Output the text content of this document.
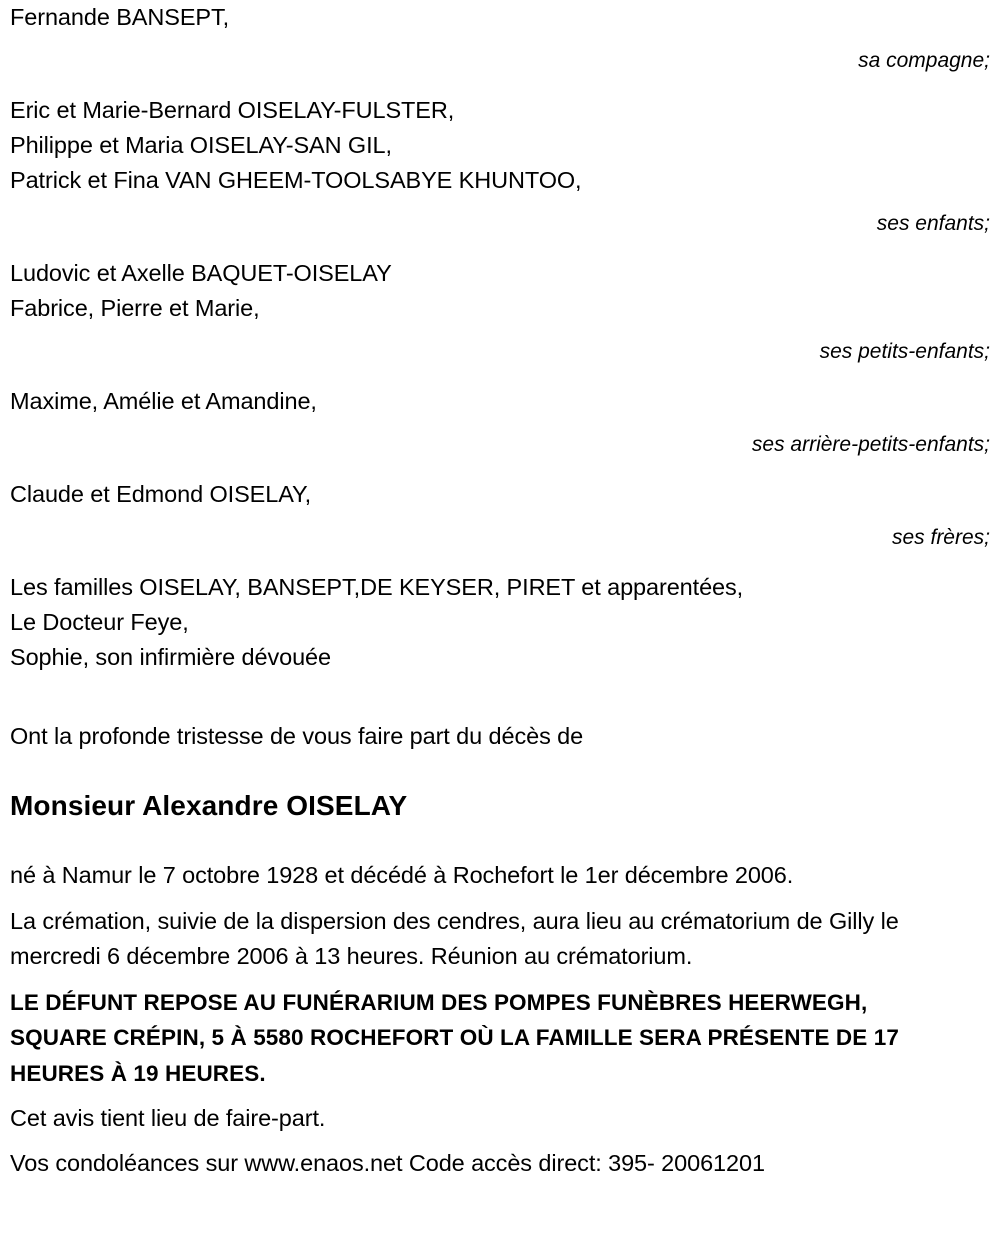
Fernande BANSEPT,
sa compagne;
Eric et Marie-Bernard OISELAY-FULSTER,
Philippe et Maria OISELAY-SAN GIL,
Patrick et Fina VAN GHEEM-TOOLSABYE KHUNTOO,
ses enfants;
Ludovic et Axelle BAQUET-OISELAY
Fabrice, Pierre et Marie,
ses petits-enfants;
Maxime, Amélie et Amandine,
ses arrière-petits-enfants;
Claude et Edmond OISELAY,
ses frères;
Les familles OISELAY, BANSEPT,DE KEYSER, PIRET et apparentées,
Le Docteur Feye,
Sophie, son infirmière dévouée
Ont la profonde tristesse de vous faire part du décès de
Monsieur Alexandre OISELAY
né à Namur le 7 octobre 1928 et décédé à Rochefort le 1er décembre 2006.
La crémation, suivie de la dispersion des cendres, aura lieu au crématorium de Gilly le mercredi 6 décembre 2006 à 13 heures. Réunion au crématorium.
LE DÉFUNT REPOSE AU FUNÉRARIUM DES POMPES FUNÈBRES HEERWEGH, SQUARE CRÉPIN, 5 À 5580 ROCHEFORT OÙ LA FAMILLE SERA PRÉSENTE DE 17 HEURES À 19 HEURES.
Cet avis tient lieu de faire-part.
Vos condoléances sur www.enaos.net Code accès direct: 395- 20061201
